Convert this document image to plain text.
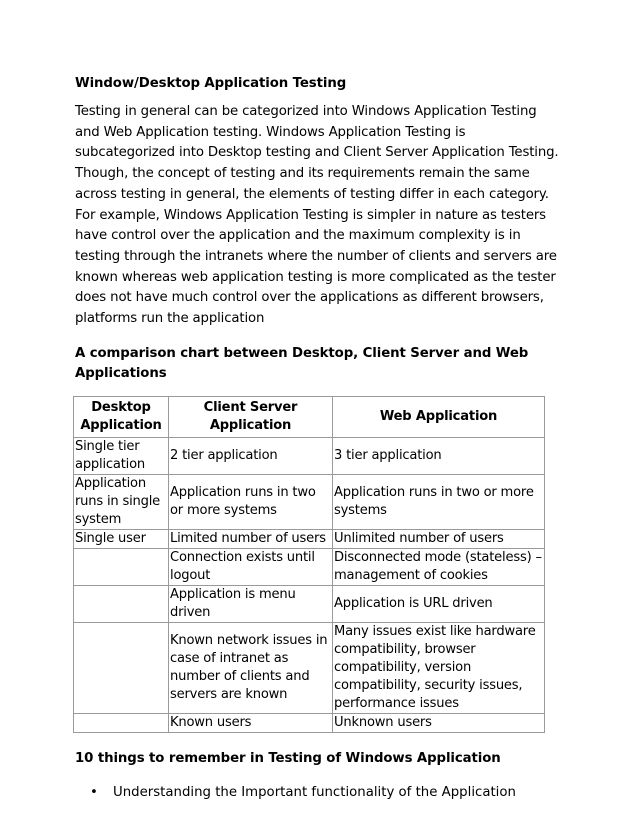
Window/Desktop Application Testing

Testing in general can be categorized into Windows Application Testing and Web Application testing. Windows Application Testing is subcategorized into Desktop testing and Client Server Application Testing. Though, the concept of testing and its requirements remain the same across testing in general, the elements of testing differ in each category.

For example, Windows Application Testing is simpler in nature as testers have control over the application and the maximum complexity is in testing through the intranets where the number of clients and servers are known whereas web application testing is more complicated as the tester does not have much control over the applications as different browsers, platforms run the application

A comparison chart between Desktop, Client Server and Web Applications
Desktop Application	Client Server Application	Web Application
Single tier application	2 tier application	3 tier application
Application runs in single system	Application runs in two or more systems	Application runs in two or more systems
Single user	Limited number of users	Unlimited number of users
	Connection exists until logout	Disconnected mode (stateless) – management of cookies
	Application is menu driven	Application is URL driven
	Known network issues in case of intranet as number of clients and servers are known	Many issues exist like hardware compatibility, browser compatibility, version compatibility, security issues, performance issues
	Known users	Unknown users
10 things to remember in Testing of Windows Application
• Understanding the Important functionality of the Application
